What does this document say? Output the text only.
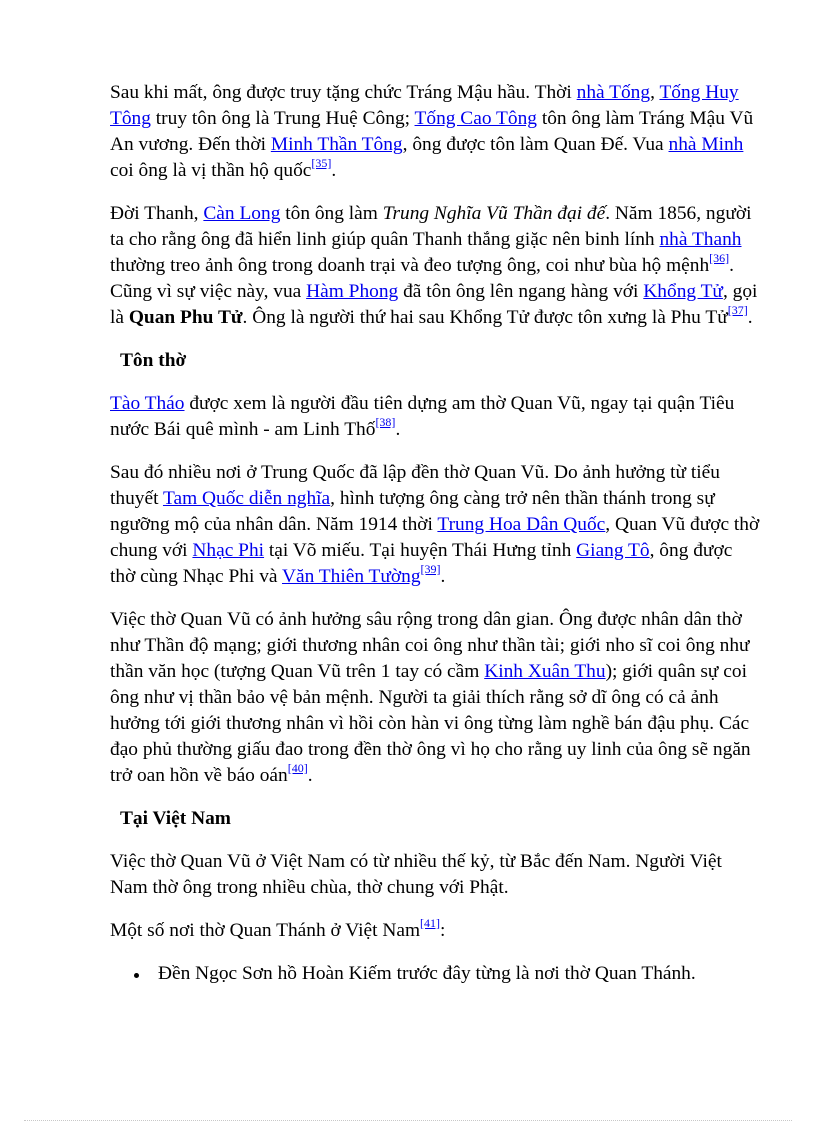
Sau khi mất, ông được truy tặng chức Tráng Mậu hầu. Thời nhà Tống, Tống Huy Tông truy tôn ông là Trung Huệ Công; Tống Cao Tông tôn ông làm Tráng Mậu Vũ An vương. Đến thời Minh Thần Tông, ông được tôn làm Quan Đế. Vua nhà Minh coi ông là vị thần hộ quốc[35].

Đời Thanh, Càn Long tôn ông làm Trung Nghĩa Vũ Thần đại đế. Năm 1856, người ta cho rằng ông đã hiển linh giúp quân Thanh thắng giặc nên binh lính nhà Thanh thường treo ảnh ông trong doanh trại và đeo tượng ông, coi như bùa hộ mệnh[36]. Cũng vì sự việc này, vua Hàm Phong đã tôn ông lên ngang hàng với Khổng Tử, gọi là Quan Phu Tử. Ông là người thứ hai sau Khổng Tử được tôn xưng là Phu Tử[37].

Tôn thờ

Tào Tháo được xem là người đầu tiên dựng am thờ Quan Vũ, ngay tại quận Tiêu nước Bái quê mình - am Linh Thố[38].

Sau đó nhiều nơi ở Trung Quốc đã lập đền thờ Quan Vũ. Do ảnh hưởng từ tiểu thuyết Tam Quốc diễn nghĩa, hình tượng ông càng trở nên thần thánh trong sự ngưỡng mộ của nhân dân. Năm 1914 thời Trung Hoa Dân Quốc, Quan Vũ được thờ chung với Nhạc Phi tại Võ miếu. Tại huyện Thái Hưng tỉnh Giang Tô, ông được thờ cùng Nhạc Phi và Văn Thiên Tường[39].

Việc thờ Quan Vũ có ảnh hưởng sâu rộng trong dân gian. Ông được nhân dân thờ như Thần độ mạng; giới thương nhân coi ông như thần tài; giới nho sĩ coi ông như thần văn học (tượng Quan Vũ trên 1 tay có cầm Kinh Xuân Thu); giới quân sự coi ông như vị thần bảo vệ bản mệnh. Người ta giải thích rằng sở dĩ ông có cả ảnh hưởng tới giới thương nhân vì hồi còn hàn vi ông từng làm nghề bán đậu phụ. Các đạo phủ thường giấu đao trong đền thờ ông vì họ cho rằng uy linh của ông sẽ ngăn trở oan hồn về báo oán[40].

Tại Việt Nam

Việc thờ Quan Vũ ở Việt Nam có từ nhiều thế kỷ, từ Bắc đến Nam. Người Việt Nam thờ ông trong nhiều chùa, thờ chung với Phật.

Một số nơi thờ Quan Thánh ở Việt Nam[41]:

Đền Ngọc Sơn hồ Hoàn Kiếm trước đây từng là nơi thờ Quan Thánh.
